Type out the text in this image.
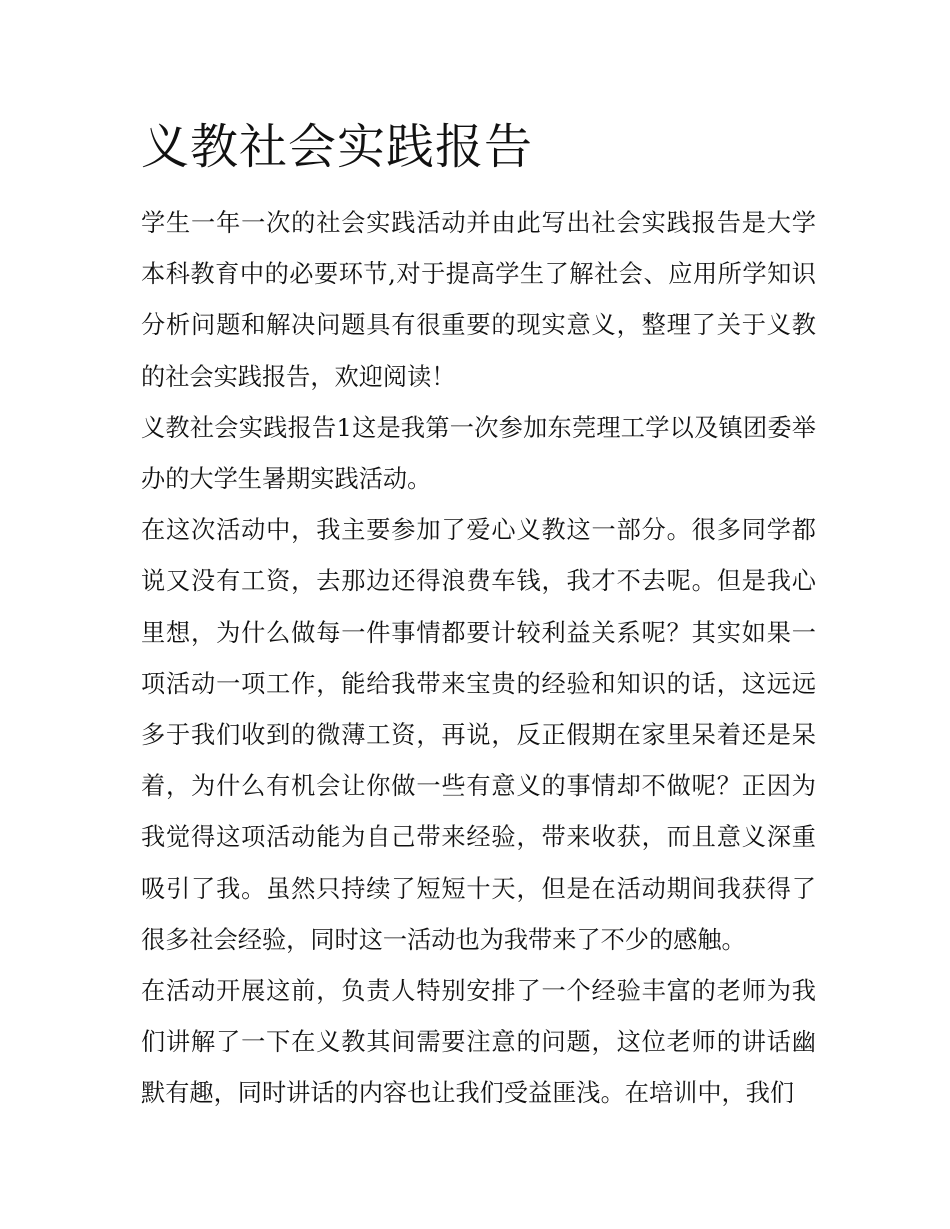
义教社会实践报告

学生一年一次的社会实践活动并由此写出社会实践报告是大学本科教育中的必要环节,对于提高学生了解社会、应用所学知识分析问题和解决问题具有很重要的现实意义，整理了关于义教的社会实践报告，欢迎阅读！

义教社会实践报告1这是我第一次参加东莞理工学以及镇团委举办的大学生暑期实践活动。

在这次活动中，我主要参加了爱心义教这一部分。很多同学都说又没有工资，去那边还得浪费车钱，我才不去呢。但是我心里想，为什么做每一件事情都要计较利益关系呢？其实如果一项活动一项工作，能给我带来宝贵的经验和知识的话，这远远多于我们收到的微薄工资，再说，反正假期在家里呆着还是呆着，为什么有机会让你做一些有意义的事情却不做呢？正因为我觉得这项活动能为自己带来经验，带来收获，而且意义深重吸引了我。虽然只持续了短短十天，但是在活动期间我获得了很多社会经验，同时这一活动也为我带来了不少的感触。

在活动开展这前，负责人特别安排了一个经验丰富的老师为我们讲解了一下在义教其间需要注意的问题，这位老师的讲话幽默有趣，同时讲话的内容也让我们受益匪浅。在培训中，我们
